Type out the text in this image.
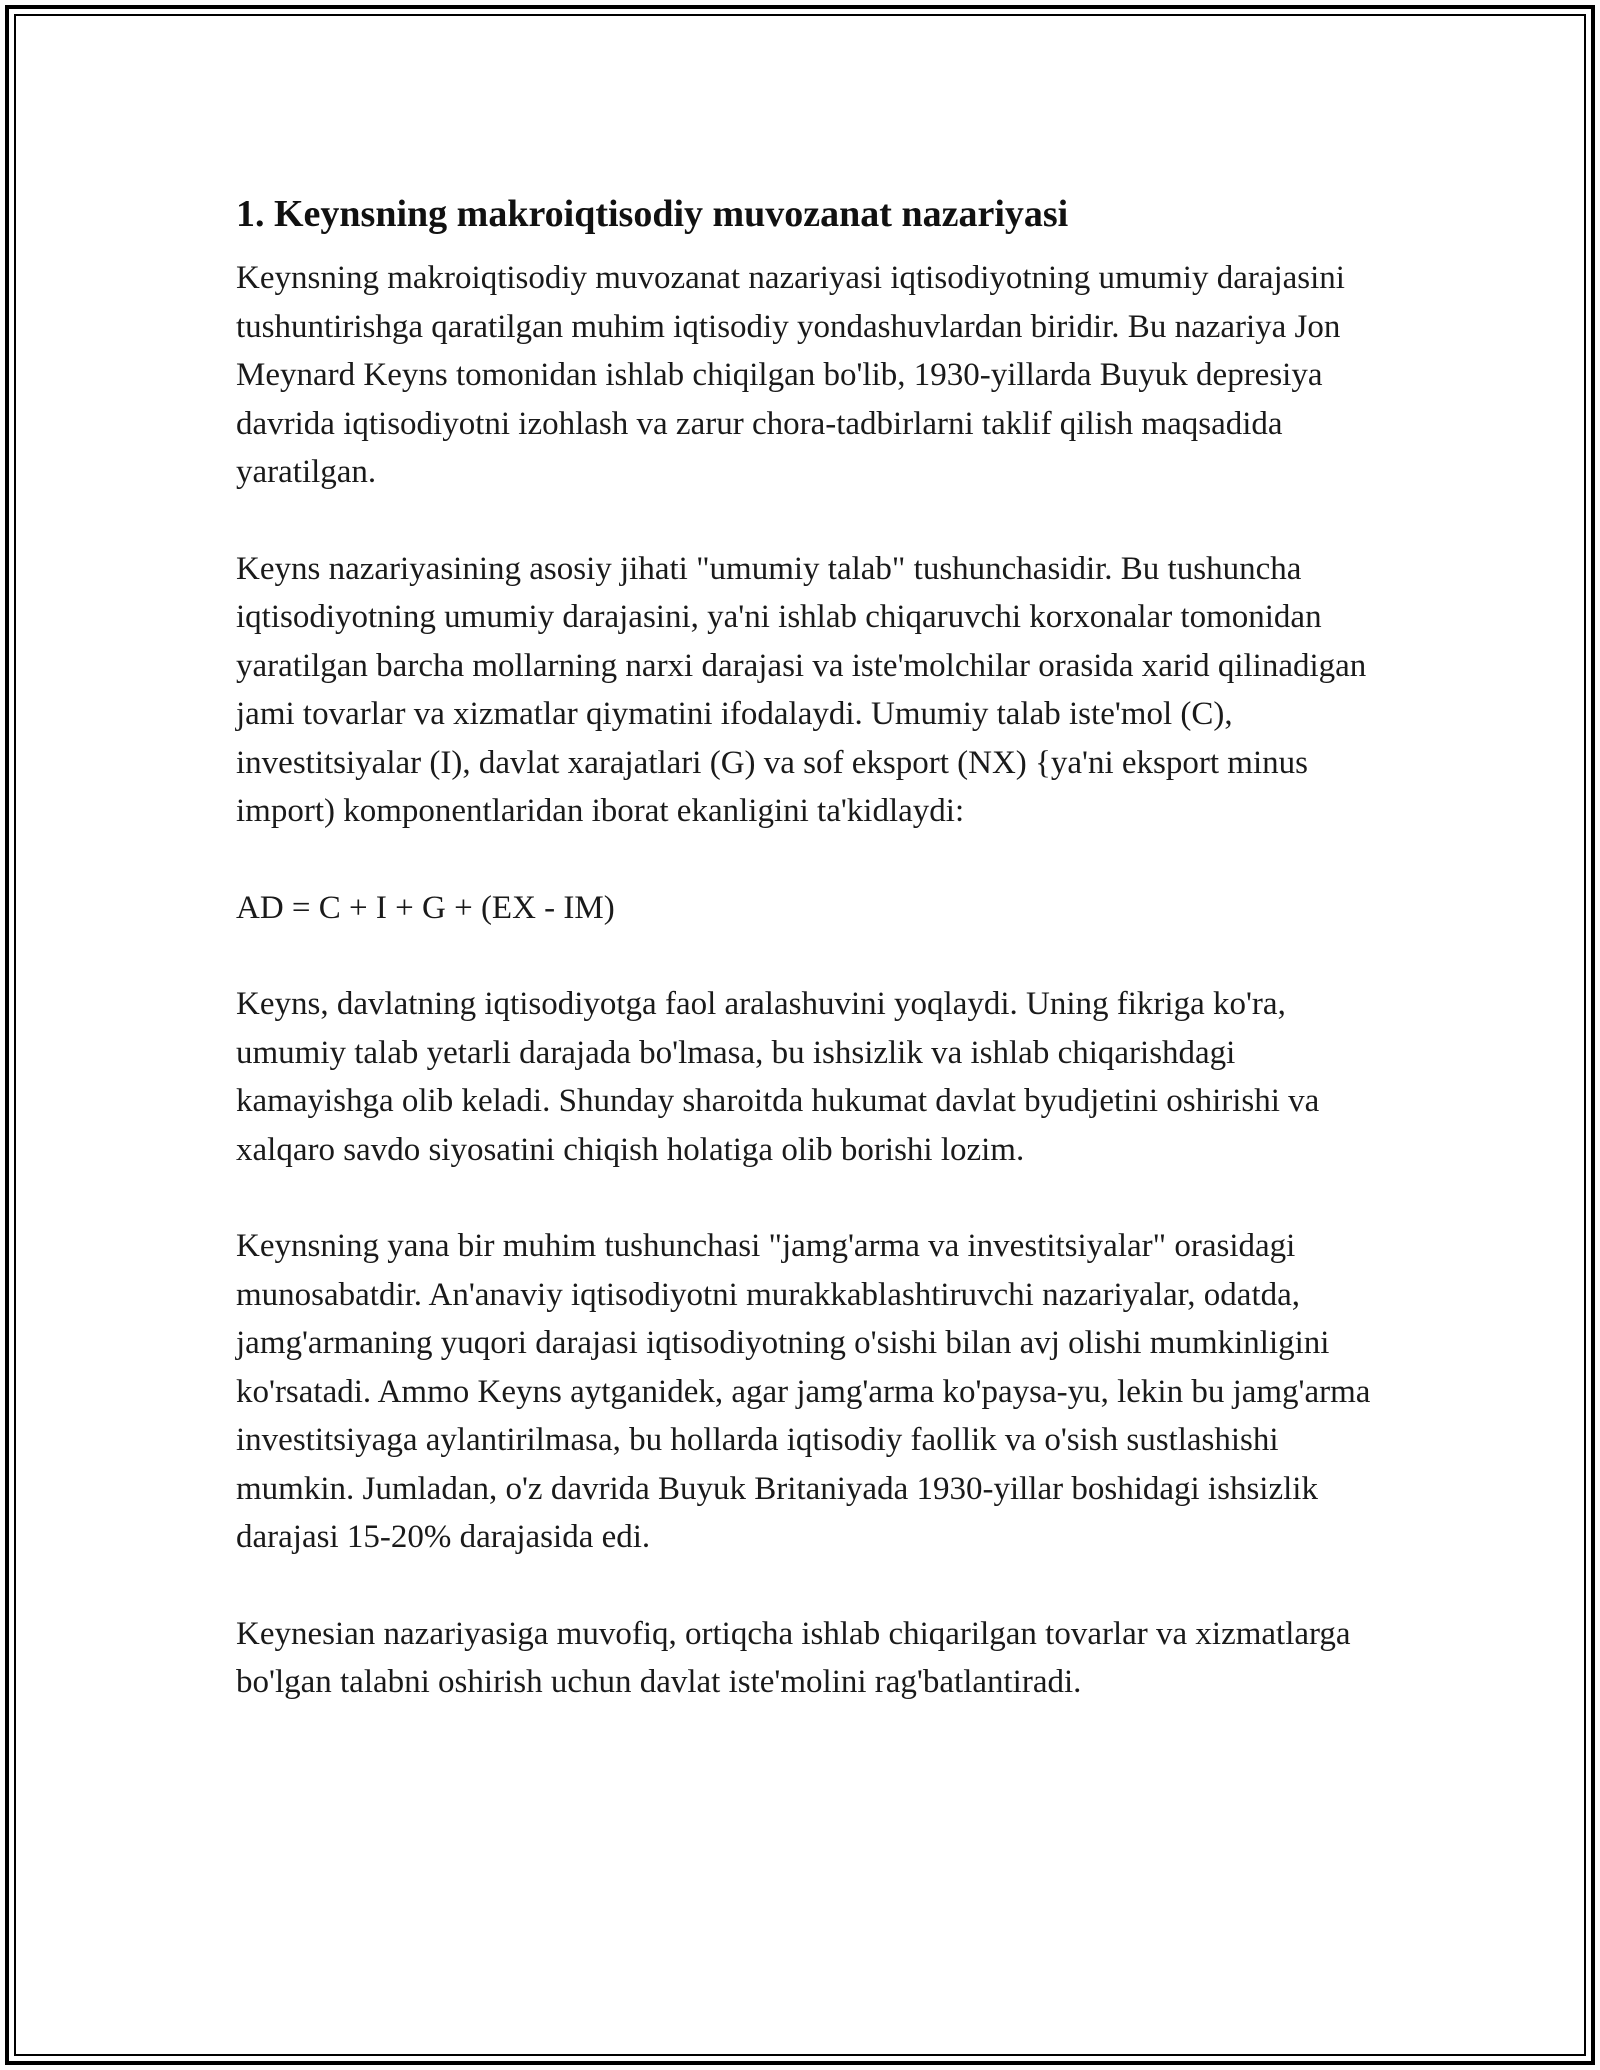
1. Keynsning makroiqtisodiy muvozanat nazariyasi

Keynsning makroiqtisodiy muvozanat nazariyasi iqtisodiyotning umumiy darajasini tushuntirishga qaratilgan muhim iqtisodiy yondashuvlardan biridir. Bu nazariya Jon Meynard Keyns tomonidan ishlab chiqilgan bo'lib, 1930-yillarda Buyuk depresiya davrida iqtisodiyotni izohlash va zarur chora-tadbirlarni taklif qilish maqsadida yaratilgan.

Keyns nazariyasining asosiy jihati "umumiy talab" tushunchasidir. Bu tushuncha iqtisodiyotning umumiy darajasini, ya'ni ishlab chiqaruvchi korxonalar tomonidan yaratilgan barcha mollarning narxi darajasi va iste'molchilar orasida xarid qilinadigan jami tovarlar va xizmatlar qiymatini ifodalaydi. Umumiy talab iste'mol (C), investitsiyalar (I), davlat xarajatlari (G) va sof eksport (NX) {ya'ni eksport minus import) komponentlaridan iborat ekanligini ta'kidlaydi:

AD = C + I + G + (EX - IM)

Keyns, davlatning iqtisodiyotga faol aralashuvini yoqlaydi. Uning fikriga ko'ra, umumiy talab yetarli darajada bo'lmasa, bu ishsizlik va ishlab chiqarishdagi kamayishga olib keladi. Shunday sharoitda hukumat davlat byudjetini oshirishi va xalqaro savdo siyosatini chiqish holatiga olib borishi lozim.

Keynsning yana bir muhim tushunchasi "jamg'arma va investitsiyalar" orasidagi munosabatdir. An'anaviy iqtisodiyotni murakkablashtiruvchi nazariyalar, odatda, jamg'armaning yuqori darajasi iqtisodiyotning o'sishi bilan avj olishi mumkinligini ko'rsatadi. Ammo Keyns aytganidek, agar jamg'arma ko'paysa-yu, lekin bu jamg'arma investitsiyaga aylantirilmasa, bu hollarda iqtisodiy faollik va o'sish sustlashishi mumkin. Jumladan, o'z davrida Buyuk Britaniyada 1930-yillar boshidagi ishsizlik darajasi 15-20% darajasida edi.

Keynesian nazariyasiga muvofiq, ortiqcha ishlab chiqarilgan tovarlar va xizmatlarga bo'lgan talabni oshirish uchun davlat iste'molini rag'batlantiradi.
